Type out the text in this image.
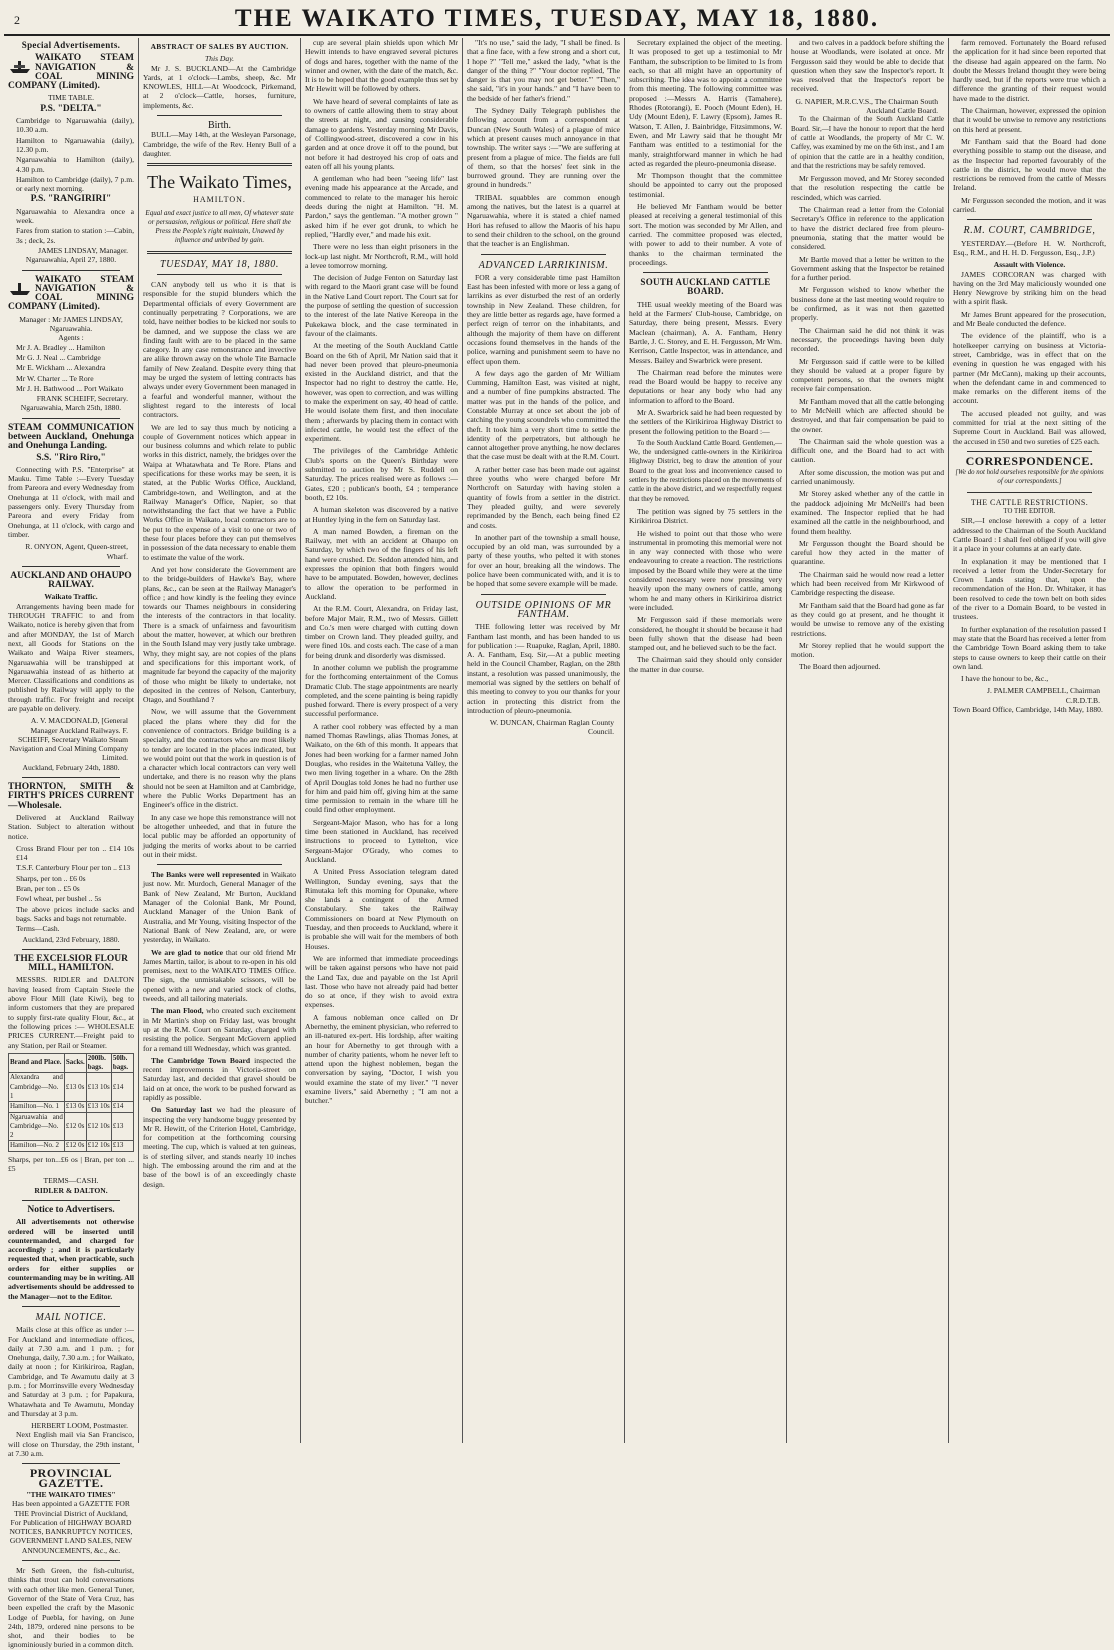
2	THE WAIKATO TIMES, TUESDAY, MAY 18, 1880.
Special Advertisements.
WAIKATO STEAM NAVIGATION & COAL MINING COMPANY (Limited).
TIME TABLE.
P.S. "DELTA."

Cambridge to Ngaruawahia (daily), 10.30 a.m.

Hamilton to Ngaruawahia (daily), 12.30 p.m.

Ngaruawahia to Hamilton (daily), 4.30 p.m.

Hamilton to Cambridge (daily), 7 p.m. or early next morning.

P.S. "RANGIRIRI"

Ngaruawahia to Alexandra once a week.

Fares from station to station :—Cabin, 3s ; deck, 2s.

JAMES LINDSAY, Manager.
Ngaruawahia, April 27, 1880.
WAIKATO STEAM NAVIGATION & COAL MINING COMPANY (Limited).
Manager : Mr JAMES LINDSAY, Ngaruawahia.
Agents :

Mr J. A. Bradley ... Hamilton

Mr G. J. Neal ... Cambridge

Mr E. Wickham ... Alexandra

Mr W. Charter ... Te Rore

Mr J. H. Bathwood ... Port Waikato

FRANK SCHEIFF, Secretary.
Ngaruawahia, March 25th, 1880.
STEAM COMMUNICATION between Auckland, Onehunga and Onehunga Landing.
S.S. "Riro Riro,"

Connecting with P.S. "Enterprise" at Mauku. Time Table :—Every Tuesday from Pareora and every Wednesday from Onehunga at 11 o'clock, with mail and passengers only. Every Thursday from Pareora and every Friday from Onehunga, at 11 o'clock, with cargo and timber.

R. ONYON, Agent, Queen-street, Wharf.
AUCKLAND AND OHAUPO RAILWAY.
Waikato Traffic.

Arrangements having been made for THROUGH TRAFFIC to and from Waikato, notice is hereby given that from and after MONDAY, the 1st of March next, all Goods for Stations on the Waikato and Waipa River steamers, Ngaruawahia will be transhipped at Ngaruawahia instead of as hitherto at Mercer. Classifications and conditions as published by Railway will apply to the through traffic. For freight and receipt are payable on delivery.

A. V. MACDONALD, [General Manager Auckland Railways. F. SCHEIFF, Secretary Waikato Steam Navigation and Coal Mining Company Limited.
Auckland, February 24th, 1880.
THORNTON, SMITH & FIRTH'S PRICES CURRENT—Wholesale.

Delivered at Auckland Railway Station. Subject to alteration without notice.

Cross Brand Flour per ton .. £14 10s £14

T.S.F. Canterbury Flour per ton .. £13

Sharps, per ton .. £6 0s

Bran, per ton .. £5 0s

Fowl wheat, per bushel .. 5s

The above prices include sacks and bags. Sacks and bags not returnable.

Terms—Cash.

Auckland, 23rd February, 1880.
THE EXCELSIOR FLOUR MILL, HAMILTON.

MESSRS. RIDLER and DALTON having leased from Captain Steele the above Flour Mill (late Kiwi), beg to inform customers that they are prepared to supply first-rate quality Flour, &c., at the following prices :— WHOLESALE PRICES CURRENT.—Freight paid to any Station, per Rail or Steamer.

Brand and Place.	Sacks.	200lb. bags.	50lb. bags.
Alexandra and Cambridge—No. 1	£13 0s	£13 10s	£14
Hamilton—No. 1	£13 0s	£13 10s	£14
Ngaruawahia and Cambridge—No. 2	£12 0s	£12 10s	£13
Hamilton—No. 2	£12 0s	£12 10s	£13

Sharps, per ton...£6 os | Bran, per ton ... £5

TERMS—CASH.
RIDLER & DALTON.
Notice to Advertisers.

All advertisements not otherwise ordered will be inserted until countermanded, and charged for accordingly ; and it is particularly requested that, when practicable, such orders for either supplies or countermanding may be in writing. All advertisements should be addressed to the Manager—not to the Editor.

MAIL NOTICE.

Mails close at this office as under :—For Auckland and intermediate offices, daily at 7.30 a.m. and 1 p.m. ; for Onehunga, daily, 7.30 a.m. ; for Waikato, daily at noon ; for Kirikiriroa, Raglan, Cambridge, and Te Awamutu daily at 3 p.m. ; for Morrinsville every Wednesday and Saturday at 3 p.m. ; for Papakura, Whatawhata and Te Awamutu, Monday and Thursday at 3 p.m.

HERBERT LOOM, Postmaster.

Next English mail via San Francisco, will close on Thursday, the 29th instant, at 7.30 a.m.

PROVINCIAL GAZETTE.
"THE WAIKATO TIMES"

Has been appointed a GAZETTE FOR THE Provincial District of Auckland, For Publication of HIGHWAY BOARD NOTICES, BANKRUPTCY NOTICES, GOVERNMENT LAND SALES, NEW ANNOUNCEMENTS, &c., &c.

Mr Seth Green, the fish-culturist, thinks that trout can hold conversations with each other like men. General Tuner, Governor of the State of Vera Cruz, has been expelled the craft by the Masonic Lodge of Puebla, for having, on June 24th, 1879, ordered nine persons to be shot, and their bodies to be ignominiously buried in a common ditch.

ABSTRACT OF SALES BY AUCTION.
This Day.

Mr J. S. BUCKLAND—At the Cambridge Yards, at 1 o'clock—Lambs, sheep, &c. Mr KNOWLES, HILL—At Woodcock, Pirkemand, at 2 o'clock—Cattle, horses, furniture, implements, &c.

Birth.

BULL—May 14th, at the Wesleyan Parsonage, Cambridge, the wife of the Rev. Henry Bull of a daughter.

The Waikato Times,
HAMILTON.

Equal and exact justice to all men, Of whatever state or persuasion, religious or political. Here shall the Press the People's right maintain, Unawed by influence and unbribed by gain.

TUESDAY, MAY 18, 1880.

CAN anybody tell us who it is that is responsible for the stupid blunders which the Departmental officials of every Government are continually perpetrating ? Corporations, we are told, have neither bodies to be kicked nor souls to be damned, and we suppose the class we are finding fault with are to be placed in the same category. In any case remonstrance and invective are alike thrown away on the whole Tite Barnacle family of New Zealand. Despite every thing that may be urged the system of letting contracts has always under every Government been managed in a fearful and wonderful manner, without the slightest regard to the interests of local contractors.

We are led to say thus much by noticing a couple of Government notices which appear in our business columns and which relate to public works in this district, namely, the bridges over the Waipa at Whatawhata and Te Rore. Plans and specifications for these works may be seen, it is stated, at the Public Works Office, Auckland, Cambridge-town, and Wellington, and at the Railway Manager's Office, Napier, so that notwithstanding the fact that we have a Public Works Office in Waikato, local contractors are to be put to the expense of a visit to one or two of these four places before they can put themselves in possession of the data necessary to enable them to estimate the value of the work.

And yet how considerate the Government are to the bridge-builders of Hawke's Bay, where plans, &c., can be seen at the Railway Manager's office ; and how kindly is the feeling they evince towards our Thames neighbours in considering the interests of the contractors in that locality. There is a smack of unfairness and favouritism about the matter, however, at which our brethren in the South Island may very justly take umbrage. Why, they might say, are not copies of the plans and specifications for this important work, of magnitude far beyond the capacity of the majority of those who might be likely to undertake, not deposited in the centres of Nelson, Canterbury, Otago, and Southland ?

Now, we will assume that the Government placed the plans where they did for the convenience of contractors. Bridge building is a specialty, and the contractors who are most likely to tender are located in the places indicated, but we would point out that the work in question is of a character which local contractors can very well undertake, and there is no reason why the plans should not be seen at Hamilton and at Cambridge, where the Public Works Department has an Engineer's office in the district.

In any case we hope this remonstrance will not be altogether unheeded, and that in future the local public may be afforded an opportunity of judging the merits of works about to be carried out in their midst.

The Banks were well represented in Waikato just now. Mr. Murdoch, General Manager of the Bank of New Zealand, Mr Burton, Auckland Manager of the Colonial Bank, Mr Pound, Auckland Manager of the Union Bank of Australia, and Mr Young, visiting Inspector of the National Bank of New Zealand, are, or were yesterday, in Waikato.

We are glad to notice that our old friend Mr James Martin, tailor, is about to re-open in his old premises, next to the WAIKATO TIMES Office. The sign, the unmistakable scissors, will be opened with a new and varied stock of cloths, tweeds, and all tailoring materials.

The man Flood, who created such excitement in Mr Martin's shop on Friday last, was brought up at the R.M. Court on Saturday, charged with resisting the police. Sergeant McGovern applied for a remand till Wednesday, which was granted.

The Cambridge Town Board inspected the recent improvements in Victoria-street on Saturday last, and decided that gravel should be laid on at once, the work to be pushed forward as rapidly as possible.

On Saturday last we had the pleasure of inspecting the very handsome buggy presented by Mr R. Hewitt, of the Criterion Hotel, Cambridge, for competition at the forthcoming coursing meeting. The cup, which is valued at ten guineas, is of sterling silver, and stands nearly 10 inches high. The embossing around the rim and at the base of the bowl is of an exceedingly chaste design.

cup are several plain shields upon which Mr Hewitt intends to have engraved several pictures of dogs and hares, together with the name of the winner and owner, with the date of the match, &c. It is to be hoped that the good example thus set by Mr Hewitt will be followed by others.

We have heard of several complaints of late as to owners of cattle allowing them to stray about the streets at night, and causing considerable damage to gardens. Yesterday morning Mr Davis, of Collingwood-street, discovered a cow in his garden and at once drove it off to the pound, but not before it had destroyed his crop of oats and eaten off all his young plants.

A gentleman who had been "seeing life" last evening made his appearance at the Arcade, and commenced to relate to the manager his heroic deeds during the night at Hamilton. "H. M. Pardon," says the gentleman. "A mother grown " asked him if he ever got drunk, to which he replied, "Hardly ever," and made his exit.

There were no less than eight prisoners in the lock-up last night. Mr Northcroft, R.M., will hold a levee tomorrow morning.

The decision of Judge Fenton on Saturday last with regard to the Maori grant case will be found in the Native Land Court report. The Court sat for the purpose of settling the question of succession to the interest of the late Native Kereopa in the Pukekawa block, and the case terminated in favour of the claimants.

At the meeting of the South Auckland Cattle Board on the 6th of April, Mr Nation said that it had never been proved that pleuro-pneumonia existed in the Auckland district, and that the Inspector had no right to destroy the cattle. He, however, was open to correction, and was willing to make the experiment on say, 40 head of cattle. He would isolate them first, and then inoculate them ; afterwards by placing them in contact with infected cattle, he would test the effect of the experiment.

The privileges of the Cambridge Athletic Club's sports on the Queen's Birthday were submitted to auction by Mr S. Ruddell on Saturday. The prices realised were as follows :—Gates, £20 ; publican's booth, £4 ; temperance booth, £2 10s.

A human skeleton was discovered by a native at Huntley lying in the fern on Saturday last.

A man named Bowden, a fireman on the Railway, met with an accident at Ohaupo on Saturday, by which two of the fingers of his left hand were crushed. Dr. Seddon attended him, and expresses the opinion that both fingers would have to be amputated. Bowden, however, declines to allow the operation to be performed in Auckland.

At the R.M. Court, Alexandra, on Friday last, before Major Mair, R.M., two of Messrs. Gillett and Co.'s men were charged with cutting down timber on Crown land. They pleaded guilty, and were fined 10s. and costs each. The case of a man for being drunk and disorderly was dismissed.

In another column we publish the programme for the forthcoming entertainment of the Comus Dramatic Club. The stage appointments are nearly completed, and the scene painting is being rapidly pushed forward. There is every prospect of a very successful performance.

A rather cool robbery was effected by a man named Thomas Rawlings, alias Thomas Jones, at Waikato, on the 6th of this month. It appears that Jones had been working for a farmer named John Douglas, who resides in the Waitetuna Valley, the two men living together in a whare. On the 28th of April Douglas told Jones he had no further use for him and paid him off, giving him at the same time permission to remain in the whare till he could find other employment.

Sergeant-Major Mason, who has for a long time been stationed in Auckland, has received instructions to proceed to Lyttelton, vice Sergeant-Major O'Grady, who comes to Auckland.

A United Press Association telegram dated Wellington, Sunday evening, says that the Rimutaka left this morning for Opunake, where she lands a contingent of the Armed Constabulary. She takes the Railway Commissioners on board at New Plymouth on Tuesday, and then proceeds to Auckland, where it is probable she will wait for the members of both Houses.

We are informed that immediate proceedings will be taken against persons who have not paid the Land Tax, due and payable on the 1st April last. Those who have not already paid had better do so at once, if they wish to avoid extra expenses.

A famous nobleman once called on Dr Abernethy, the eminent physician, who referred to an ill-natured ex-pert. His lordship, after waiting an hour for Abernethy to get through with a number of charity patients, whom he never left to attend upon the highest noblemen, began the conversation by saying, "Doctor, I wish you would examine the state of my liver." "I never examine livers," said Abernethy ; "I am not a butcher."

"It's no use," said the lady, "I shall be fined. Is that a fine face, with a few strong and a short cut, I hope ?" "Tell me," asked the lady, "what is the danger of the thing ?" "Your doctor replied, 'The danger is that you may not get better.'" "Then," she said, "it's in your hands." and "I have been to the bedside of her father's friend."

The Sydney Daily Telegraph publishes the following account from a correspondent at Duncan (New South Wales) of a plague of mice which at present causes much annoyance in that township. The writer says :—"We are suffering at present from a plague of mice. The fields are full of them, so that the horses' feet sink in the burrowed ground. They are running over the ground in hundreds."

TRIBAL squabbles are common enough among the natives, but the latest is a quarrel at Ngaruawahia, where it is stated a chief named Hori has refused to allow the Maoris of his hapu to send their children to the school, on the ground that the teacher is an Englishman.

ADVANCED LARRIKINISM.

FOR a very considerable time past Hamilton East has been infested with more or less a gang of larrikins as ever disturbed the rest of an orderly township in New Zealand. These children, for they are little better as regards age, have formed a perfect reign of terror on the inhabitants, and although the majority of them have on different occasions found themselves in the hands of the police, warning and punishment seem to have no effect upon them.

A few days ago the garden of Mr William Cumming, Hamilton East, was visited at night, and a number of fine pumpkins abstracted. The matter was put in the hands of the police, and Constable Murray at once set about the job of catching the young scoundrels who committed the theft. It took him a very short time to settle the identity of the perpetrators, but although he cannot altogether prove anything, he now declares that the case must be dealt with at the R.M. Court.

A rather better case has been made out against three youths who were charged before Mr Northcroft on Saturday with having stolen a quantity of fowls from a settler in the district. They pleaded guilty, and were severely reprimanded by the Bench, each being fined £2 and costs.

In another part of the township a small house, occupied by an old man, was surrounded by a party of these youths, who pelted it with stones for over an hour, breaking all the windows. The police have been communicated with, and it is to be hoped that some severe example will be made.

OUTSIDE OPINIONS OF MR FANTHAM.

THE following letter was received by Mr Fantham last month, and has been handed to us for publication :— Ruapuke, Raglan, April, 1880. A. A. Fantham, Esq. Sir,—At a public meeting held in the Council Chamber, Raglan, on the 28th instant, a resolution was passed unanimously, the memorial was signed by the settlers on behalf of this meeting to convey to you our thanks for your action in protecting this district from the introduction of pleuro-pneumonia.

W. DUNCAN, Chairman Raglan County Council.

Secretary explained the object of the meeting. It was proposed to get up a testimonial to Mr Fantham, the subscription to be limited to 1s from each, so that all might have an opportunity of subscribing. The idea was to appoint a committee from this meeting. The following committee was proposed :—Messrs A. Harris (Tamahere), Rhodes (Rotorangi), E. Pooch (Mount Eden), H. Udy (Mount Eden), F. Lawry (Epsom), James R. Watson, T. Allen, J. Bainbridge, Fitzsimmons, W. Ewen, and Mr Lawry said that he thought Mr Fantham was entitled to a testimonial for the manly, straightforward manner in which he had acted as regarded the pleuro-pneumonia disease.

Mr Thompson thought that the committee should be appointed to carry out the proposed testimonial.

He believed Mr Fantham would be better pleased at receiving a general testimonial of this sort. The motion was seconded by Mr Allen, and carried. The committee proposed was elected, with power to add to their number. A vote of thanks to the chairman terminated the proceedings.

SOUTH AUCKLAND CATTLE BOARD.

THE usual weekly meeting of the Board was held at the Farmers' Club-house, Cambridge, on Saturday, there being present, Messrs. Every Maclean (chairman), A. A. Fantham, Henry Bartle, J. C. Storey, and E. H. Fergusson, Mr Wm. Kerrison, Cattle Inspector, was in attendance, and Messrs. Bailey and Swarbrick were present.

The Chairman read before the minutes were read the Board would be happy to receive any deputations or hear any body who had any information to afford to the Board.

Mr A. Swarbrick said he had been requested by the settlers of the Kirikiriroa Highway District to present the following petition to the Board :—

To the South Auckland Cattle Board. Gentlemen,—We, the undersigned cattle-owners in the Kirikiriroa Highway District, beg to draw the attention of your Board to the great loss and inconvenience caused to settlers by the restrictions placed on the movements of cattle in the above district, and we respectfully request that they be removed.

The petition was signed by 75 settlers in the Kirikiriroa District.

He wished to point out that those who were instrumental in promoting this memorial were not in any way connected with those who were endeavouring to create a reaction. The restrictions imposed by the Board while they were at the time considered necessary were now pressing very heavily upon the many owners of cattle, among whom he and many others in Kirikiriroa district were included.

Mr Fergusson said if these memorials were considered, he thought it should be because it had been fully shown that the disease had been stamped out, and he believed such to be the fact.

The Chairman said they should only consider the matter in due course.

and two calves in a paddock before shifting the house at Woodlands, were isolated at once. Mr Fergusson said they would be able to decide that question when they saw the Inspector's report. It was resolved that the Inspector's report be received.

G. NAPIER, M.R.C.V.S., The Chairman South Auckland Cattle Board.

To the Chairman of the South Auckland Cattle Board. Sir,—I have the honour to report that the herd of cattle at Woodlands, the property of Mr C. W. Caffey, was examined by me on the 6th inst., and I am of opinion that the cattle are in a healthy condition, and that the restrictions may be safely removed.

Mr Fergusson moved, and Mr Storey seconded that the resolution respecting the cattle be rescinded, which was carried.

The Chairman read a letter from the Colonial Secretary's Office in reference to the application to have the district declared free from pleuro-pneumonia, stating that the matter would be considered.

Mr Bartle moved that a letter be written to the Government asking that the Inspector be retained for a further period.

Mr Fergusson wished to know whether the business done at the last meeting would require to be confirmed, as it was not then gazetted properly.

The Chairman said he did not think it was necessary, the proceedings having been duly recorded.

Mr Fergusson said if cattle were to be killed they should be valued at a proper figure by competent persons, so that the owners might receive fair compensation.

Mr Fantham moved that all the cattle belonging to Mr McNeill which are affected should be destroyed, and that fair compensation be paid to the owner.

The Chairman said the whole question was a difficult one, and the Board had to act with caution.

After some discussion, the motion was put and carried unanimously.

Mr Storey asked whether any of the cattle in the paddock adjoining Mr McNeill's had been examined. The Inspector replied that he had examined all the cattle in the neighbourhood, and found them healthy.

Mr Fergusson thought the Board should be careful how they acted in the matter of quarantine.

The Chairman said he would now read a letter which had been received from Mr Kirkwood of Cambridge respecting the disease.

Mr Fantham said that the Board had gone as far as they could go at present, and he thought it would be unwise to remove any of the existing restrictions.

Mr Storey replied that he would support the motion.

The Board then adjourned.

farm removed. Fortunately the Board refused the application for it had since been reported that the disease had again appeared on the farm. No doubt the Messrs Ireland thought they were being hardly used, but if the reports were true which a difference the granting of their request would have made to the district.

The Chairman, however, expressed the opinion that it would be unwise to remove any restrictions on this herd at present.

Mr Fantham said that the Board had done everything possible to stamp out the disease, and as the Inspector had reported favourably of the cattle in the district, he would move that the restrictions be removed from the cattle of Messrs Ireland.

Mr Fergusson seconded the motion, and it was carried.

R.M. COURT, CAMBRIDGE,

YESTERDAY.—(Before H. W. Northcroft, Esq., R.M., and H. H. D. Fergusson, Esq., J.P.)

Assault with Violence.

JAMES CORCORAN was charged with having on the 3rd May maliciously wounded one Henry Newgrove by striking him on the head with a spirit flask.

Mr James Brunt appeared for the prosecution, and Mr Beale conducted the defence.

The evidence of the plaintiff, who is a hotelkeeper carrying on business at Victoria-street, Cambridge, was in effect that on the evening in question he was engaged with his partner (Mr McCann), making up their accounts, when the defendant came in and commenced to make remarks on the different items of the account.

The accused pleaded not guilty, and was committed for trial at the next sitting of the Supreme Court in Auckland. Bail was allowed, the accused in £50 and two sureties of £25 each.

CORRESPONDENCE.

[We do not hold ourselves responsible for the opinions of our correspondents.]

THE CATTLE RESTRICTIONS.
TO THE EDITOR.

SIR,—I enclose herewith a copy of a letter addressed to the Chairman of the South Auckland Cattle Board : I shall feel obliged if you will give it a place in your columns at an early date.

In explanation it may be mentioned that I received a letter from the Under-Secretary for Crown Lands stating that, upon the recommendation of the Hon. Dr. Whitaker, it has been resolved to cede the town belt on both sides of the river to a Domain Board, to be vested in trustees.

In further explanation of the resolution passed I may state that the Board has received a letter from the Cambridge Town Board asking them to take steps to cause owners to keep their cattle on their own land.

I have the honour to be, &c.,

J. PALMER CAMPBELL, Chairman C.R.D.T.B.

Town Board Office, Cambridge, 14th May, 1880.
